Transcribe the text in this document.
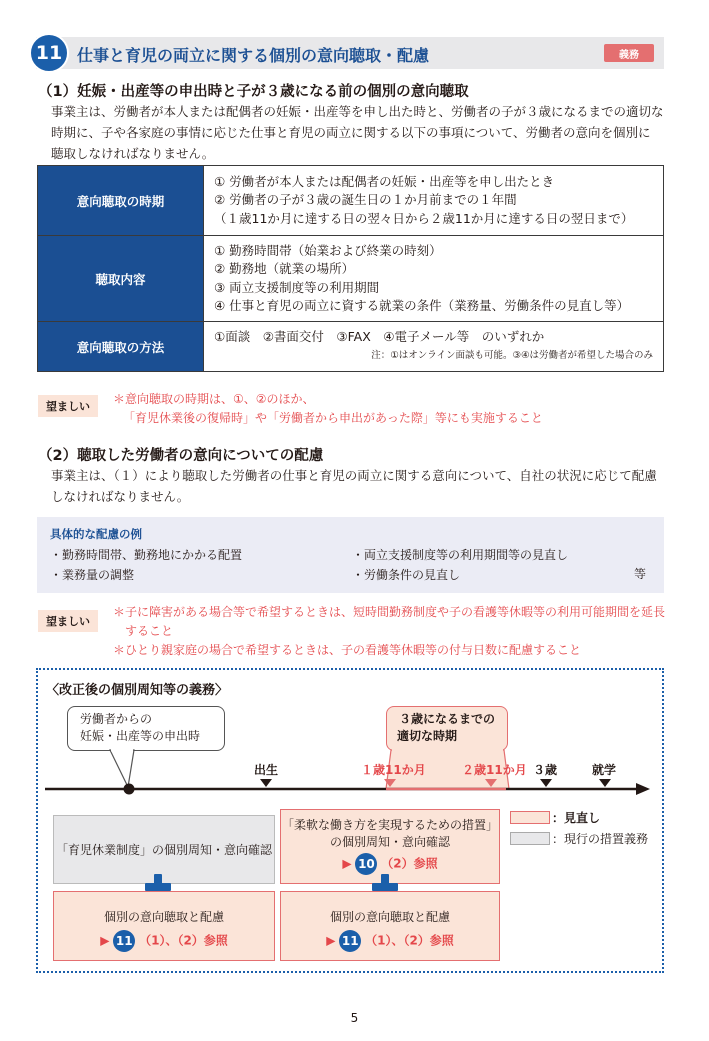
11 仕事と育児の両立に関する個別の意向聴取・配慮	義務
（1）妊娠・出産等の申出時と子が３歳になる前の個別の意向聴取
事業主は、労働者が本人または配偶者の妊娠・出産等を申し出た時と、労働者の子が３歳になるまでの適切な
時期に、子や各家庭の事情に応じた仕事と育児の両立に関する以下の事項について、労働者の意向を個別に
聴取しなければなりません。
意向聴取の時期	① 労働者が本人または配偶者の妊娠・出産等を申し出たとき
② 労働者の子が３歳の誕生日の１か月前までの１年間
（１歳11か月に達する日の翌々日から２歳11か月に達する日の翌日まで）

聴取内容	① 勤務時間帯（始業および終業の時刻）
② 勤務地（就業の場所）
③ 両立支援制度等の利用期間
④ 仕事と育児の両立に資する就業の条件（業務量、労働条件の見直し等）

意向聴取の方法	①面談　②書面交付　③FAX　④電子メール等　のいずれか
注：①はオンライン面談も可能。③④は労働者が希望した場合のみ
望ましい
＊意向聴取の時期は、①、②のほか、
「育児休業後の復帰時」や「労働者から申出があった際」等にも実施すること
（2）聴取した労働者の意向についての配慮
事業主は、（１）により聴取した労働者の仕事と育児の両立に関する意向について、自社の状況に応じて配慮
しなければなりません。
具体的な配慮の例
・勤務時間帯、勤務地にかかる配置
・業務量の調整
・両立支援制度等の利用期間等の見直し
・労働条件の見直し	等
望ましい
＊子に障害がある場合等で希望するときは、短時間勤務制度や子の看護等休暇等の利用可能期間を延長
　すること
＊ひとり親家庭の場合で希望するときは、子の看護等休暇等の付与日数に配慮すること
〈改正後の個別周知等の義務〉
労働者からの
妊娠・出産等の申出時
３歳になるまでの
適切な時期
出生	１歳11か月	２歳11か月 ３歳	就学
：見直し
：現行の措置義務
「育児休業制度」の個別周知・意向確認
「柔軟な働き方を実現するための措置」
の個別周知・意向確認
▶ 10 （2）参照
個別の意向聴取と配慮
▶ 11 （1）、（2）参照
個別の意向聴取と配慮
▶ 11 （1）、（2）参照
5
